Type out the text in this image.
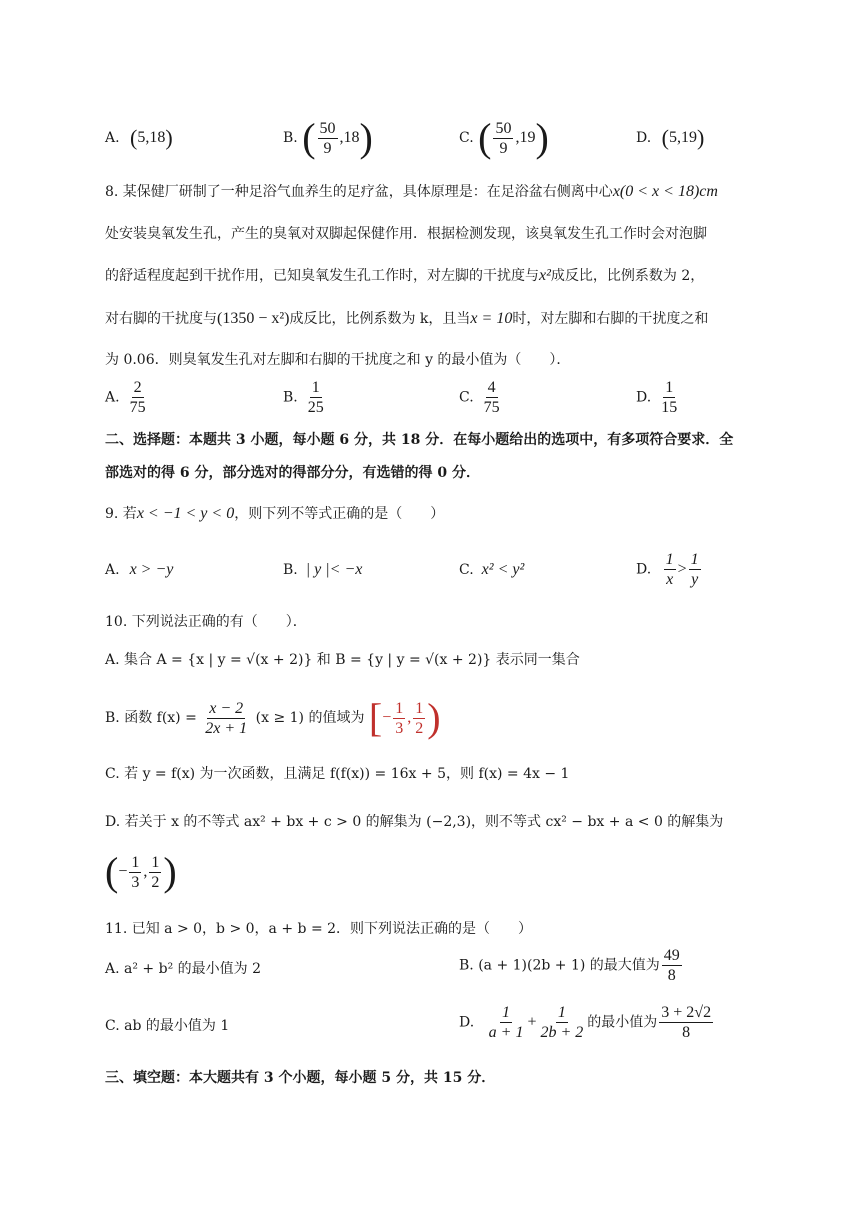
A. (5,18)	B. ( $\frac{50}{9} ,18$)	C. ( $\frac{50}{9} ,19$)	D. (5,19)
8. 某保健厂研制了一种足浴气血养生的足疗盆，具体原理是：在足浴盆右侧离中心x(0 < x < 18)cm
处安装臭氧发生孔，产生的臭氧对双脚起保健作用．根据检测发现，该臭氧发生孔工作时会对泡脚
的舒适程度起到干扰作用，已知臭氧发生孔工作时，对左脚的干扰度与x²成反比，比例系数为 2，
对右脚的干扰度与(1350 − x²)成反比，比例系数为 k，且当x = 10时，对左脚和右脚的干扰度之和
为 0.06．则臭氧发生孔对左脚和右脚的干扰度之和 y 的最小值为（　　）．
A. $\frac{2}{75}$	B. $\frac{1}{25}$	C. $\frac{4}{75}$	D. $\frac{1}{15}$
二、选择题：本题共 3 小题，每小题 6 分，共 18 分．在每小题给出的选项中，有多项符合要求．全
部选对的得 6 分，部分选对的得部分分，有选错的得 0 分．
9. 若x < −1 < y < 0，则下列不等式正确的是（　　）
A. x > −y	B. | y |< −x	C. x² < y²	D. $\frac{1}{x} > \frac{1}{y}$
10. 下列说法正确的有（　　）．
A. 集合 A = {x | y = √(x + 2)} 和 B = {y | y = √(x + 2)} 表示同一集合
B. 函数 $f(x) = \frac{x - 2}{2x + 1} (x \ge 1)$ 的值域为 [− $\frac{1}{3}$ , $\frac{1}{2}$ )
C. 若 y = f(x) 为一次函数，且满足 f(f(x)) = 16x + 5，则 f(x) = 4x − 1
D. 若关于 x 的不等式 ax² + bx + c > 0 的解集为 (−2,3)，则不等式 cx² − bx + a < 0 的解集为
(− $\frac{1}{3}$ , $\frac{1}{2}$ )
11. 已知 a > 0，b > 0，a + b = 2．则下列说法正确的是（　　）
A. a² + b² 的最小值为 2	B. (a + 1)(2b + 1) 的最大值为 $\frac{49}{8}$
C. ab 的最小值为 1	D. $\frac{1}{a + 1} + \frac{1}{2b + 2}$ 的最小值为 $\frac{3 + 2√2}{8}$
三、填空题：本大题共有 3 个小题，每小题 5 分，共 15 分．
